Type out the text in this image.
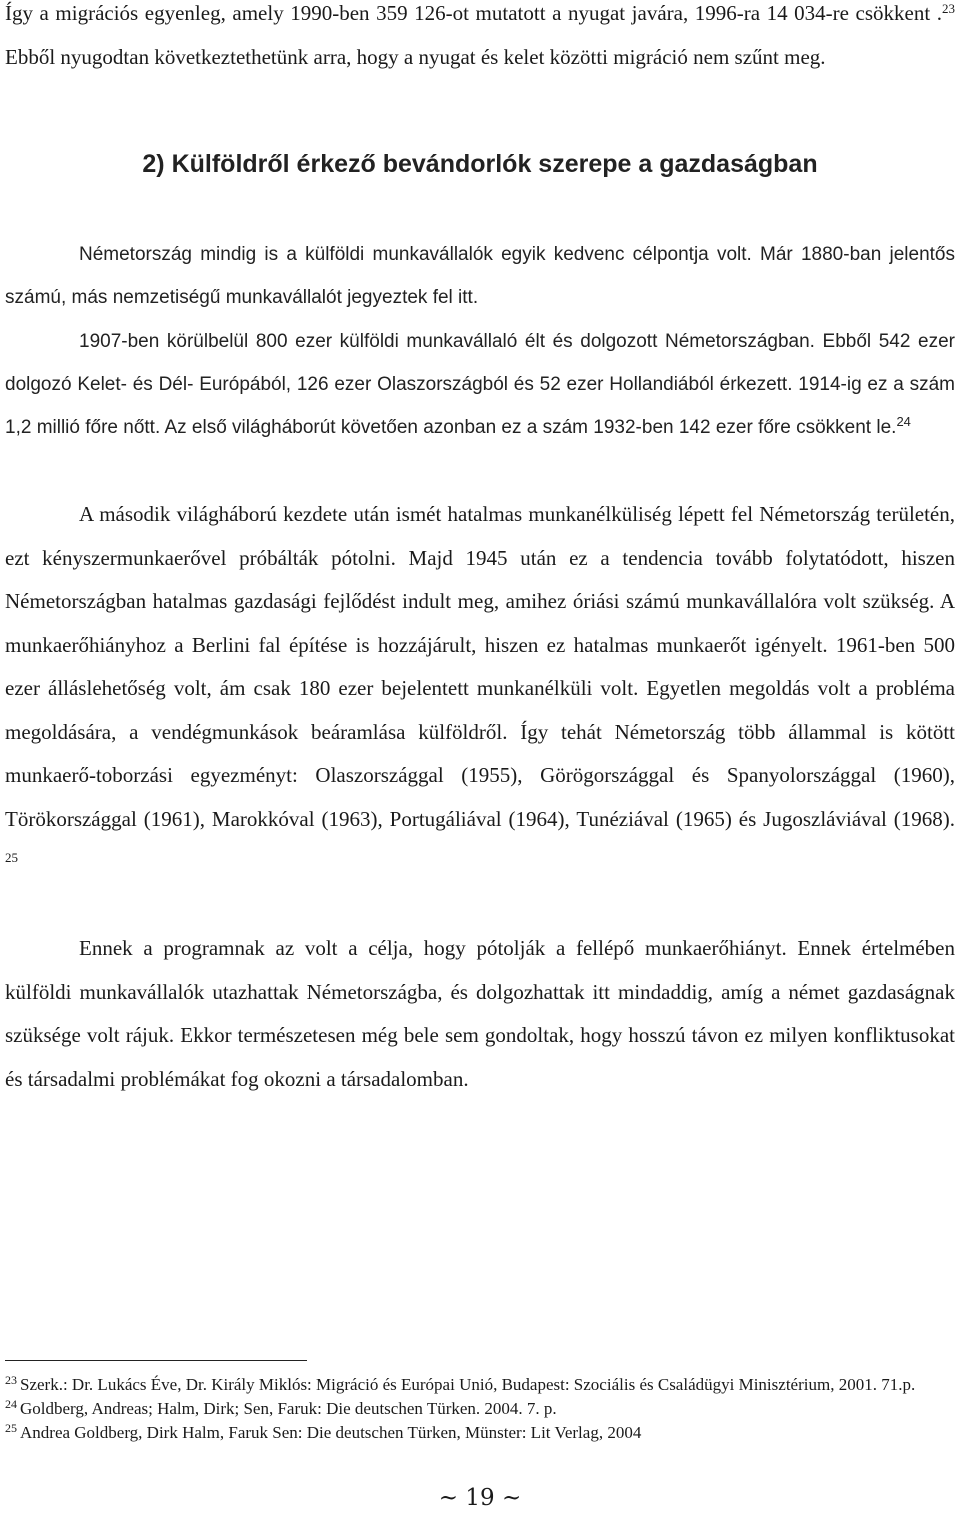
Így a migrációs egyenleg, amely 1990-ben 359 126-ot mutatott a nyugat javára, 1996-ra 14 034-re csökkent .$^{23}$ Ebből nyugodtan következtethetünk arra, hogy a nyugat és kelet közötti migráció nem szűnt meg.

2) Külföldről érkező bevándorlók szerepe a gazdaságban

Németország mindig is a külföldi munkavállalók egyik kedvenc célpontja volt. Már 1880-ban jelentős számú, más nemzetiségű munkavállalót jegyeztek fel itt.

1907-ben körülbelül 800 ezer külföldi munkavállaló élt és dolgozott Németországban. Ebből 542 ezer dolgozó Kelet- és Dél- Európából, 126 ezer Olaszországból és 52 ezer Hollandiából érkezett. 1914-ig ez a szám 1,2 millió főre nőtt. Az első világháborút követően azonban ez a szám 1932-ben 142 ezer főre csökkent le.$^{24}$

A második világháború kezdete után ismét hatalmas munkanélküliség lépett fel Németország területén, ezt kényszermunkaerővel próbálták pótolni. Majd 1945 után ez a tendencia tovább folytatódott, hiszen Németországban hatalmas gazdasági fejlődést indult meg, amihez óriási számú munkavállalóra volt szükség. A munkaerőhiányhoz a Berlini fal építése is hozzájárult, hiszen ez hatalmas munkaerőt igényelt. 1961-ben 500 ezer álláslehetőség volt, ám csak 180 ezer bejelentett munkanélküli volt. Egyetlen megoldás volt a probléma megoldására, a vendégmunkások beáramlása külföldről. Így tehát Németország több állammal is kötött munkaerő-toborzási egyezményt: Olaszországgal (1955), Görögországgal és Spanyolországgal (1960), Törökországgal (1961), Marokkóval (1963), Portugáliával (1964), Tunéziával (1965) és Jugoszláviával (1968). $^{25}$

Ennek a programnak az volt a célja, hogy pótolják a fellépő munkaerőhiányt. Ennek értelmében külföldi munkavállalók utazhattak Németországba, és dolgozhattak itt mindaddig, amíg a német gazdaságnak szüksége volt rájuk. Ekkor természetesen még bele sem gondoltak, hogy hosszú távon ez milyen konfliktusokat és társadalmi problémákat fog okozni a társadalomban.

$^{23}$ Szerk.: Dr. Lukács Éve, Dr. Király Miklós: Migráció és Európai Unió, Budapest: Szociális és Családügyi Minisztérium, 2001. 71.p.

$^{24}$ Goldberg, Andreas; Halm, Dirk; Sen, Faruk: Die deutschen Türken. 2004. 7. p.

$^{25}$ Andrea Goldberg, Dirk Halm, Faruk Sen: Die deutschen Türken, Münster: Lit Verlag, 2004

~ 19 ~
